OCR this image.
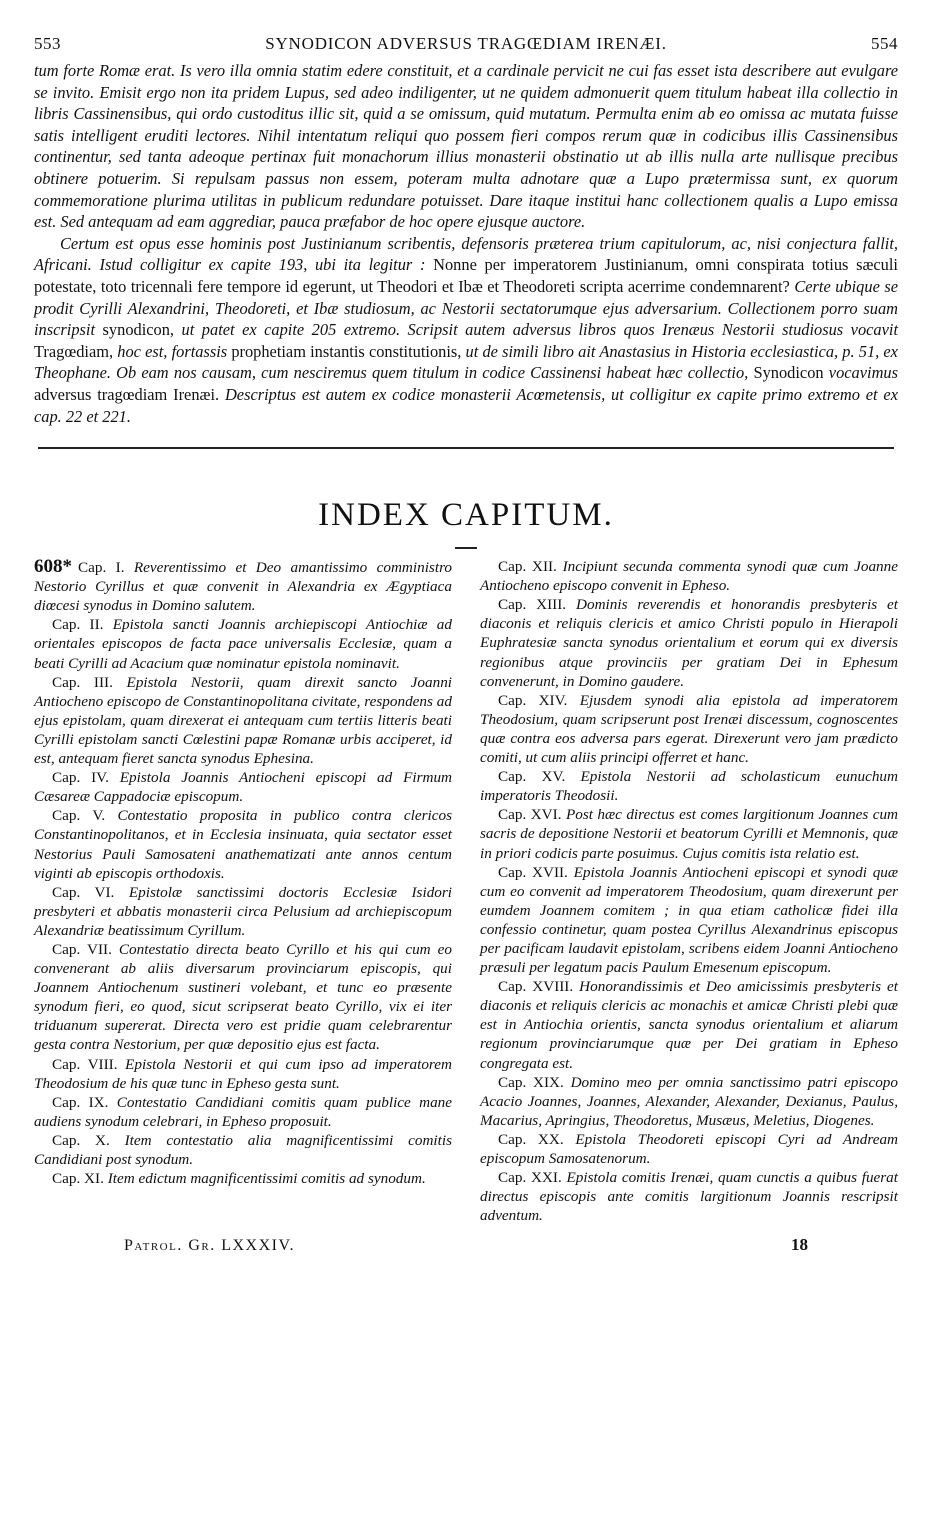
553	SYNODICON ADVERSUS TRAGŒDIAM IRENÆI.	554

tum forte Romæ erat. Is vero illa omnia statim edere constituit, et a cardinale pervicit ne cui fas esset ista describere aut evulgare se invito. Emisit ergo non ita pridem Lupus, sed adeo indiligenter, ut ne quidem admonuerit quem titulum habeat illa collectio in libris Cassinensibus, qui ordo custoditus illic sit, quid a se omissum, quid mutatum. Permulta enim ab eo omissa ac mutata fuisse satis intelligent eruditi lectores. Nihil intentatum reliqui quo possem fieri compos rerum quæ in codicibus illis Cassinensibus continentur, sed tanta adeoque pertinax fuit monachorum illius monasterii obstinatio ut ab illis nulla arte nullisque precibus obtinere potuerim. Si repulsam passus non essem, poteram multa adnotare quæ a Lupo prætermissa sunt, ex quorum commemoratione plurima utilitas in publicum redundare potuisset. Dare itaque institui hanc collectionem qualis a Lupo emissa est. Sed antequam ad eam aggrediar, pauca præfabor de hoc opere ejusque auctore.

Certum est opus esse hominis post Justinianum scribentis, defensoris præterea trium capitulorum, ac, nisi conjectura fallit, Africani. Istud colligitur ex capite 193, ubi ita legitur : Nonne per imperatorem Justinianum, omni conspirata totius sæculi potestate, toto tricennali fere tempore id egerunt, ut Theodori et Ibæ et Theodoreti scripta acerrime condemnarent? Certe ubique se prodit Cyrilli Alexandrini, Theodoreti, et Ibæ studiosum, ac Nestorii sectatorumque ejus adversarium. Collectionem porro suam inscripsit synodicon, ut patet ex capite 205 extremo. Scripsit autem adversus libros quos Irenæus Nestorii studiosus vocavit Tragœdiam, hoc est, fortassis prophetiam instantis constitutionis, ut de simili libro ait Anastasius in Historia ecclesiastica, p. 51, ex Theophane. Ob eam nos causam, cum nesciremus quem titulum in codice Cassinensi habeat hæc collectio, Synodicon vocavimus adversus tragœdiam Irenæi. Descriptus est autem ex codice monasterii Acœmetensis, ut colligitur ex capite primo extremo et ex cap. 22 et 221.

INDEX CAPITUM.

608* Cap. I. Reverentissimo et Deo amantissimo comministro Nestorio Cyrillus et quæ convenit in Alexandria ex Ægyptiaca diœcesi synodus in Domino salutem.

Cap. II. Epistola sancti Joannis archiepiscopi Antiochiæ ad orientales episcopos de facta pace universalis Ecclesiæ, quam a beati Cyrilli ad Acacium quæ nominatur epistola nominavit.

Cap. III. Epistola Nestorii, quam direxit sancto Joanni Antiocheno episcopo de Constantinopolitana civitate, respondens ad ejus epistolam, quam direxerat ei antequam cum tertiis litteris beati Cyrilli epistolam sancti Cœlestini papæ Romanæ urbis acciperet, id est, antequam fieret sancta synodus Ephesina.

Cap. IV. Epistola Joannis Antiocheni episcopi ad Firmum Cæsareæ Cappadociæ episcopum.

Cap. V. Contestatio proposita in publico contra clericos Constantinopolitanos, et in Ecclesia insinuata, quia sectator esset Nestorius Pauli Samosateni anathematizati ante annos centum viginti ab episcopis orthodoxis.

Cap. VI. Epistolæ sanctissimi doctoris Ecclesiæ Isidori presbyteri et abbatis monasterii circa Pelusium ad archiepiscopum Alexandriæ beatissimum Cyrillum.

Cap. VII. Contestatio directa beato Cyrillo et his qui cum eo convenerant ab aliis diversarum provinciarum episcopis, qui Joannem Antiochenum sustineri volebant, et tunc eo præsente synodum fieri, eo quod, sicut scripserat beato Cyrillo, vix ei iter triduanum supererat. Directa vero est pridie quam celebrarentur gesta contra Nestorium, per quæ depositio ejus est facta.

Cap. VIII. Epistola Nestorii et qui cum ipso ad imperatorem Theodosium de his quæ tunc in Epheso gesta sunt.

Cap. IX. Contestatio Candidiani comitis quam publice mane audiens synodum celebrari, in Epheso proposuit.

Cap. X. Item contestatio alia magnificentissimi comitis Candidiani post synodum.

Cap. XI. Item edictum magnificentissimi comitis ad synodum.

Cap. XII. Incipiunt secunda commenta synodi quæ cum Joanne Antiocheno episcopo convenit in Epheso.

Cap. XIII. Dominis reverendis et honorandis presbyteris et diaconis et reliquis clericis et amico Christi populo in Hierapoli Euphratesiæ sancta synodus orientalium et eorum qui ex diversis regionibus atque provinciis per gratiam Dei in Ephesum convenerunt, in Domino gaudere.

Cap. XIV. Ejusdem synodi alia epistola ad imperatorem Theodosium, quam scripserunt post Irenæi discessum, cognoscentes quæ contra eos adversa pars egerat. Direxerunt vero jam prædicto comiti, ut cum aliis principi offerret et hanc.

Cap. XV. Epistola Nestorii ad scholasticum eunuchum imperatoris Theodosii.

Cap. XVI. Post hæc directus est comes largitionum Joannes cum sacris de depositione Nestorii et beatorum Cyrilli et Memnonis, quæ in priori codicis parte posuimus. Cujus comitis ista relatio est.

Cap. XVII. Epistola Joannis Antiocheni episcopi et synodi quæ cum eo convenit ad imperatorem Theodosium, quam direxerunt per eumdem Joannem comitem ; in qua etiam catholicæ fidei illa confessio continetur, quam postea Cyrillus Alexandrinus episcopus per pacificam laudavit epistolam, scribens eidem Joanni Antiocheno præsuli per legatum pacis Paulum Emesenum episcopum.

Cap. XVIII. Honorandissimis et Deo amicissimis presbyteris et diaconis et reliquis clericis ac monachis et amicæ Christi plebi quæ est in Antiochia orientis, sancta synodus orientalium et aliarum regionum provinciarumque quæ per Dei gratiam in Epheso congregata est.

Cap. XIX. Domino meo per omnia sanctissimo patri episcopo Acacio Joannes, Joannes, Alexander, Alexander, Dexianus, Paulus, Macarius, Apringius, Theodoretus, Musæus, Meletius, Diogenes.

Cap. XX. Epistola Theodoreti episcopi Cyri ad Andream episcopum Samosatenorum.

Cap. XXI. Epistola comitis Irenæi, quam cunctis a quibus fuerat directus episcopis ante comitis largitionum Joannis rescripsit adventum.

Patrol. Gr. LXXXIV.	18
